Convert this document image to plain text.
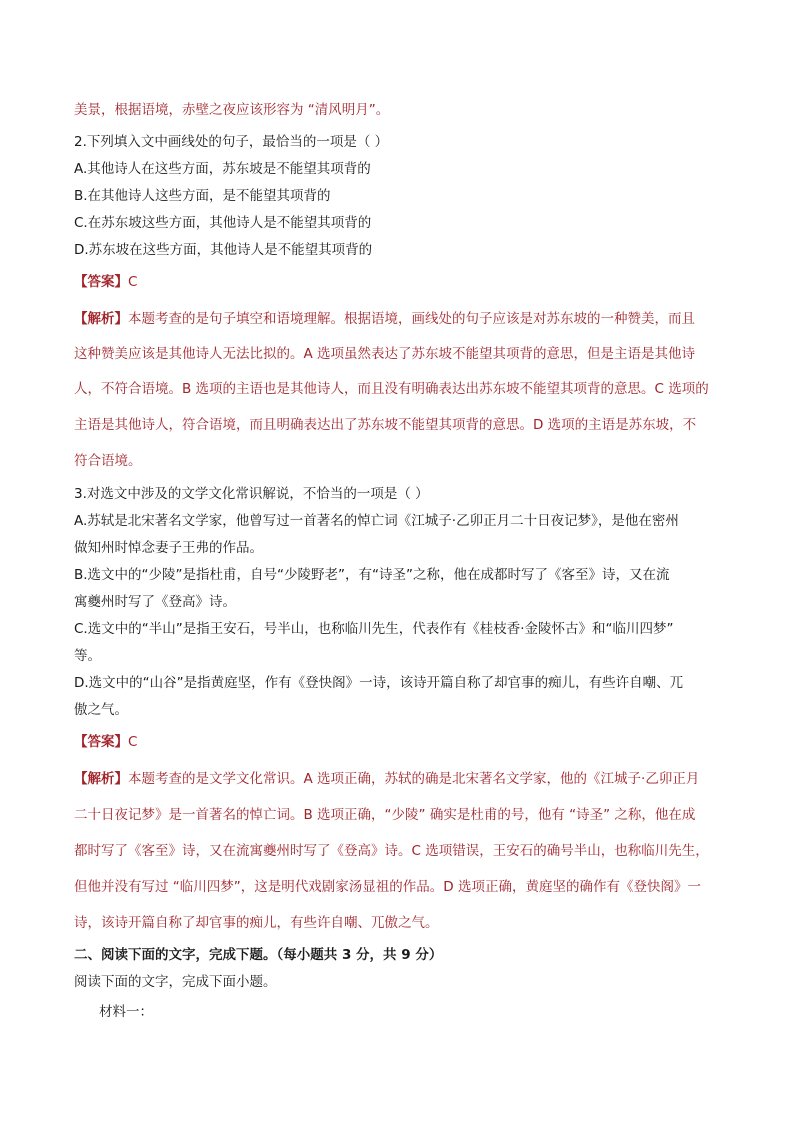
美景，根据语境，赤壁之夜应该形容为 “清风明月”。
2.下列填入文中画线处的句子，最恰当的一项是（ ）
A.其他诗人在这些方面，苏东坡是不能望其项背的
B.在其他诗人这些方面，是不能望其项背的
C.在苏东坡这些方面，其他诗人是不能望其项背的
D.苏东坡在这些方面，其他诗人是不能望其项背的
【答案】C
【解析】本题考查的是句子填空和语境理解。根据语境，画线处的句子应该是对苏东坡的一种赞美，而且
这种赞美应该是其他诗人无法比拟的。A 选项虽然表达了苏东坡不能望其项背的意思，但是主语是其他诗
人，不符合语境。B 选项的主语也是其他诗人，而且没有明确表达出苏东坡不能望其项背的意思。C 选项的
主语是其他诗人，符合语境，而且明确表达出了苏东坡不能望其项背的意思。D 选项的主语是苏东坡，不
符合语境。
3.对选文中涉及的文学文化常识解说，不恰当的一项是（ ）
A.苏轼是北宋著名文学家，他曾写过一首著名的悼亡词《江城子·乙卯正月二十日夜记梦》，是他在密州
做知州时悼念妻子王弗的作品。
B.选文中的“少陵”是指杜甫，自号“少陵野老”，有“诗圣”之称，他在成都时写了《客至》诗，又在流
寓夔州时写了《登高》诗。
C.选文中的“半山”是指王安石，号半山，也称临川先生，代表作有《桂枝香·金陵怀古》和“临川四梦”
等。
D.选文中的“山谷”是指黄庭坚，作有《登快阁》一诗，该诗开篇自称了却官事的痴儿，有些许自嘲、兀
傲之气。
【答案】C
【解析】本题考查的是文学文化常识。A 选项正确，苏轼的确是北宋著名文学家，他的《江城子·乙卯正月
二十日夜记梦》是一首著名的悼亡词。B 选项正确，“少陵” 确实是杜甫的号，他有 “诗圣” 之称，他在成
都时写了《客至》诗，又在流寓夔州时写了《登高》诗。C 选项错误，王安石的确号半山，也称临川先生，
但他并没有写过 “临川四梦”，这是明代戏剧家汤显祖的作品。D 选项正确，黄庭坚的确作有《登快阁》一
诗，该诗开篇自称了却官事的痴儿，有些许自嘲、兀傲之气。
二、阅读下面的文字，完成下题。（每小题共 3 分，共 9 分）
阅读下面的文字，完成下面小题。
材料一：
